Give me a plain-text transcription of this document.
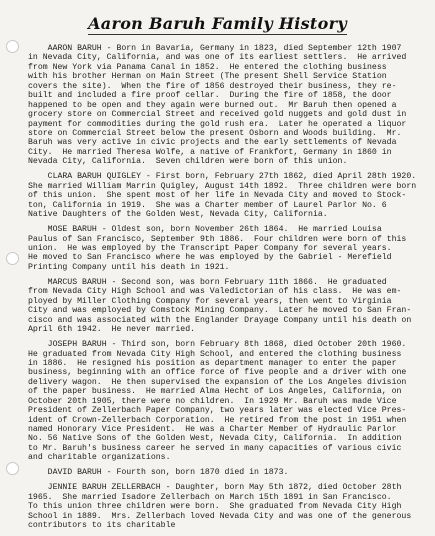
Aaron Baruh Family History
AARON BARUH - Born in Bavaria, Germany in 1823, died September 12th 1907
in Nevada City, California, and was one of its earliest settlers.  He arrived
from New York via Panama Canal in 1852.  He entered the clothing business
with his brother Herman on Main Street (The present Shell Service Station
covers the site).  When the fire of 1856 destroyed their business, they re-
built and included a fire proof cellar.  During the fire of 1858, the door
happened to be open and they again were burned out.  Mr Baruh then opened a
grocery store on Commercial Street and received gold nuggets and gold dust in
payment for commodities during the gold rush era.  Later he operated a liquor
store on Commercial Street below the present Osborn and Woods building.  Mr.
Baruh was very active in civic projects and the early settlements of Nevada
City.  He married Theresa Wolfe, a native of Frankfort, Germany in 1860 in
Nevada City, California.  Seven children were born of this union.
CLARA BARUH QUIGLEY - First born, February 27th 1862, died April 28th 1920.
She married William Marrin Quigley, August 14th 1892.  Three children were born
of this union.  She spent most of her life in Nevada City and moved to Stock-
ton, California in 1919.  She was a Charter member of Laurel Parlor No. 6
Native Daughters of the Golden West, Nevada City, California.
MOSE BARUH - Oldest son, born November 26th 1864.  He married Louisa
Paulus of San Francisco, September 9th 1886.  Four children were born of this
union.  He was employed by the Transcript Paper Company for several years.
He moved to San Francisco where he was employed by the Gabriel - Merefield
Printing Company until his death in 1921.
MARCUS BARUH - Second son, was born February 11th 1866.  He graduated
from Nevada City High School and was Valedictorian of his class.  He was em-
ployed by Miller Clothing Company for several years, then went to Virginia
City and was employed by Comstock Mining Company.  Later he moved to San Fran-
cisco and was associated with the Englander Drayage Company until his death on
April 6th 1942.  He never married.
JOSEPH BARUH - Third son, born February 8th 1868, died October 20th 1960.
He graduated from Nevada City High School, and entered the clothing business
in 1886.  He resigned his position as department manager to enter the paper
business, beginning with an office force of five people and a driver with one
delivery wagon.  He then supervised the expansion of the Los Angeles division
of the paper business.  He married Alma Hecht of Los Angeles, California, on
October 20th 1905, there were no children.  In 1929 Mr. Baruh was made Vice
President of Zellerbach Paper Company, two years later was elected Vice Pres-
ident of Crown-Zellerbach Corporation.  He retired from the post in 1951 when
named Honorary Vice President.  He was a Charter Member of Hydraulic Parlor
No. 56 Native Sons of the Golden West, Nevada City, California.  In addition
to Mr. Baruh's business career he served in many capacities of various civic
and charitable organizations.
DAVID BARUH - Fourth son, born 1870 died in 1873.
JENNIE BARUH ZELLERBACH - Daughter, born May 5th 1872, died October 28th
1965.  She married Isadore Zellerbach on March 15th 1891 in San Francisco.
To this union three children were born.  She graduated from Nevada City High
School in 1889.  Mrs. Zellerbach loved Nevada City and was one of the generous
contributors to its charitable
